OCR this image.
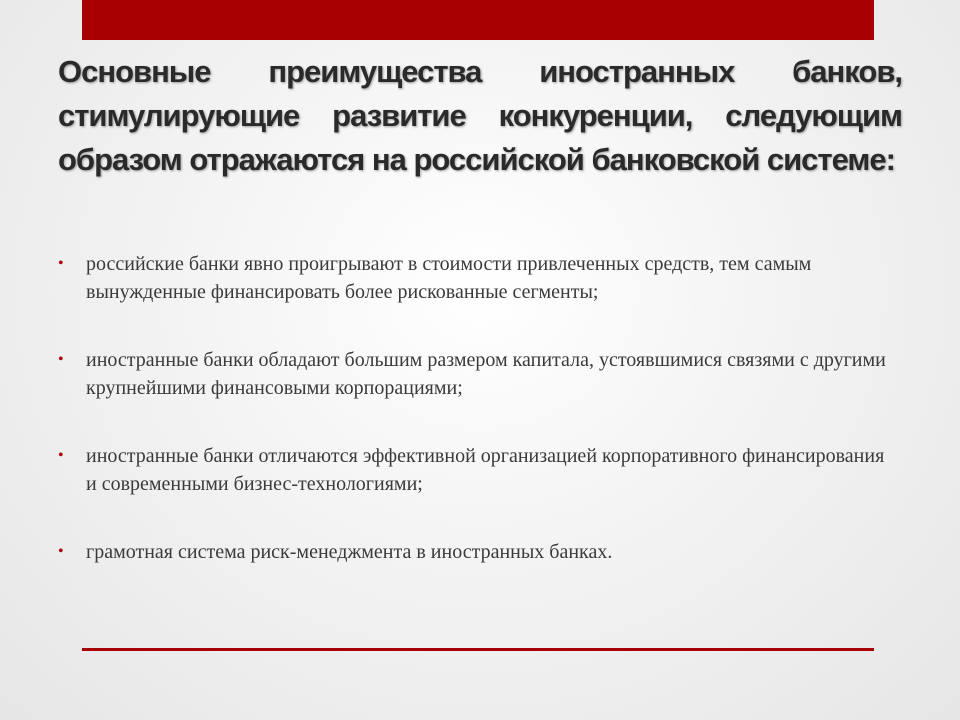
Основные преимущества иностранных банков, стимулирующие развитие конкуренции, следующим образом отражаются на российской банковской системе:
• российские банки явно проигрывают в стоимости привлеченных средств, тем самым вынужденные финансировать более рискованные сегменты;
• иностранные банки обладают большим размером капитала, устоявшимися связями с другими крупнейшими финансовыми корпорациями;
• иностранные банки отличаются эффективной организацией корпоративного финансирования и современными бизнес-технологиями;
• грамотная система риск-менеджмента в иностранных банках.
